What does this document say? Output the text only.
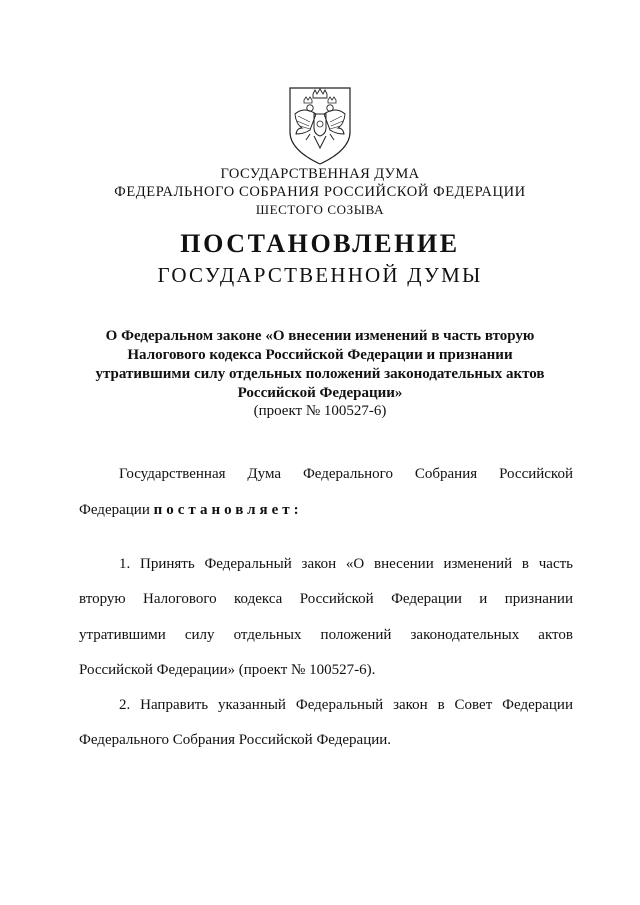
ГОСУДАРСТВЕННАЯ ДУМА
ФЕДЕРАЛЬНОГО СОБРАНИЯ РОССИЙСКОЙ ФЕДЕРАЦИИ
ШЕСТОГО СОЗЫВА
ПОСТАНОВЛЕНИЕ
ГОСУДАРСТВЕННОЙ ДУМЫ
О Федеральном законе «О внесении изменений в часть вторую
Налогового кодекса Российской Федерации и признании
утратившими силу отдельных положений законодательных актов
Российской Федерации»
(проект № 100527-6)
Государственная Дума Федерального Собрания Российской
Федерации постановляет:
1. Принять Федеральный закон «О внесении изменений в часть
вторую Налогового кодекса Российской Федерации и признании
утратившими силу отдельных положений законодательных актов
Российской Федерации» (проект № 100527-6).
2. Направить указанный Федеральный закон в Совет Федерации
Федерального Собрания Российской Федерации.
